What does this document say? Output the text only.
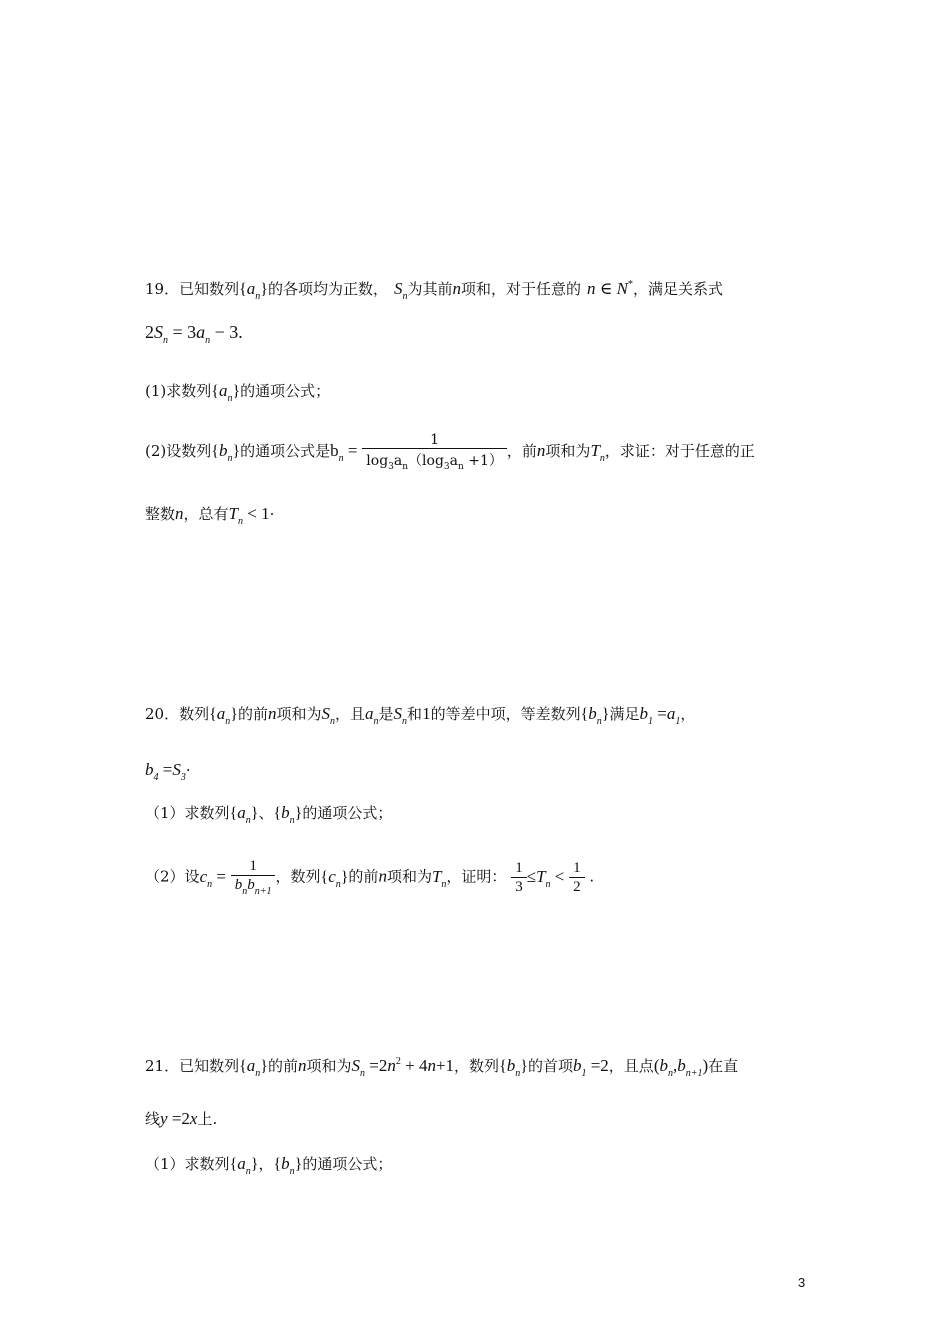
19．已知数列$\{a_n\}$的各项均为正数， $S_n$为其前n项和，对于任意的 n ∈ N*，满足关系式
$2S_n = 3a_n - 3$.
(1)求数列$\{a_n\}$的通项公式；
(2)设数列$\{b_n\}$的通项公式是$b_n = \frac{1}{\log_3a_n(\log_3a_n +1)}$ ，前n项和为$T_n$，求证：对于任意的正
整数n，总有$T_n < 1\cdot$
20．数列$\{a_n\}$的前n项和为$S_n$，且$a_n$是$S_n$和1的等差中项，等差数列$\{b_n\}$满足$b_1 =a_1$，
$b_4 =S_3\cdot$
（1）求数列$\{a_n\}$、$\{b_n\}$的通项公式；
（2）设$c_n = \frac{1}{b_nb_{n+1}}$ ，数列$\{c_n\}$的前n项和为$T_n$，证明： $\frac{1}{3} \le T_n < \frac{1}{2}$ .
21．已知数列$\{a_n\}$的前n项和为$S_n =2n^2 + 4n+1$，数列$\{b_n\}$的首项$b_1 =2$，且点$(b_n,b_{n+1})$在直
线y =2x上.
（1）求数列$\{a_n\}$，$\{b_n\}$的通项公式；
3
